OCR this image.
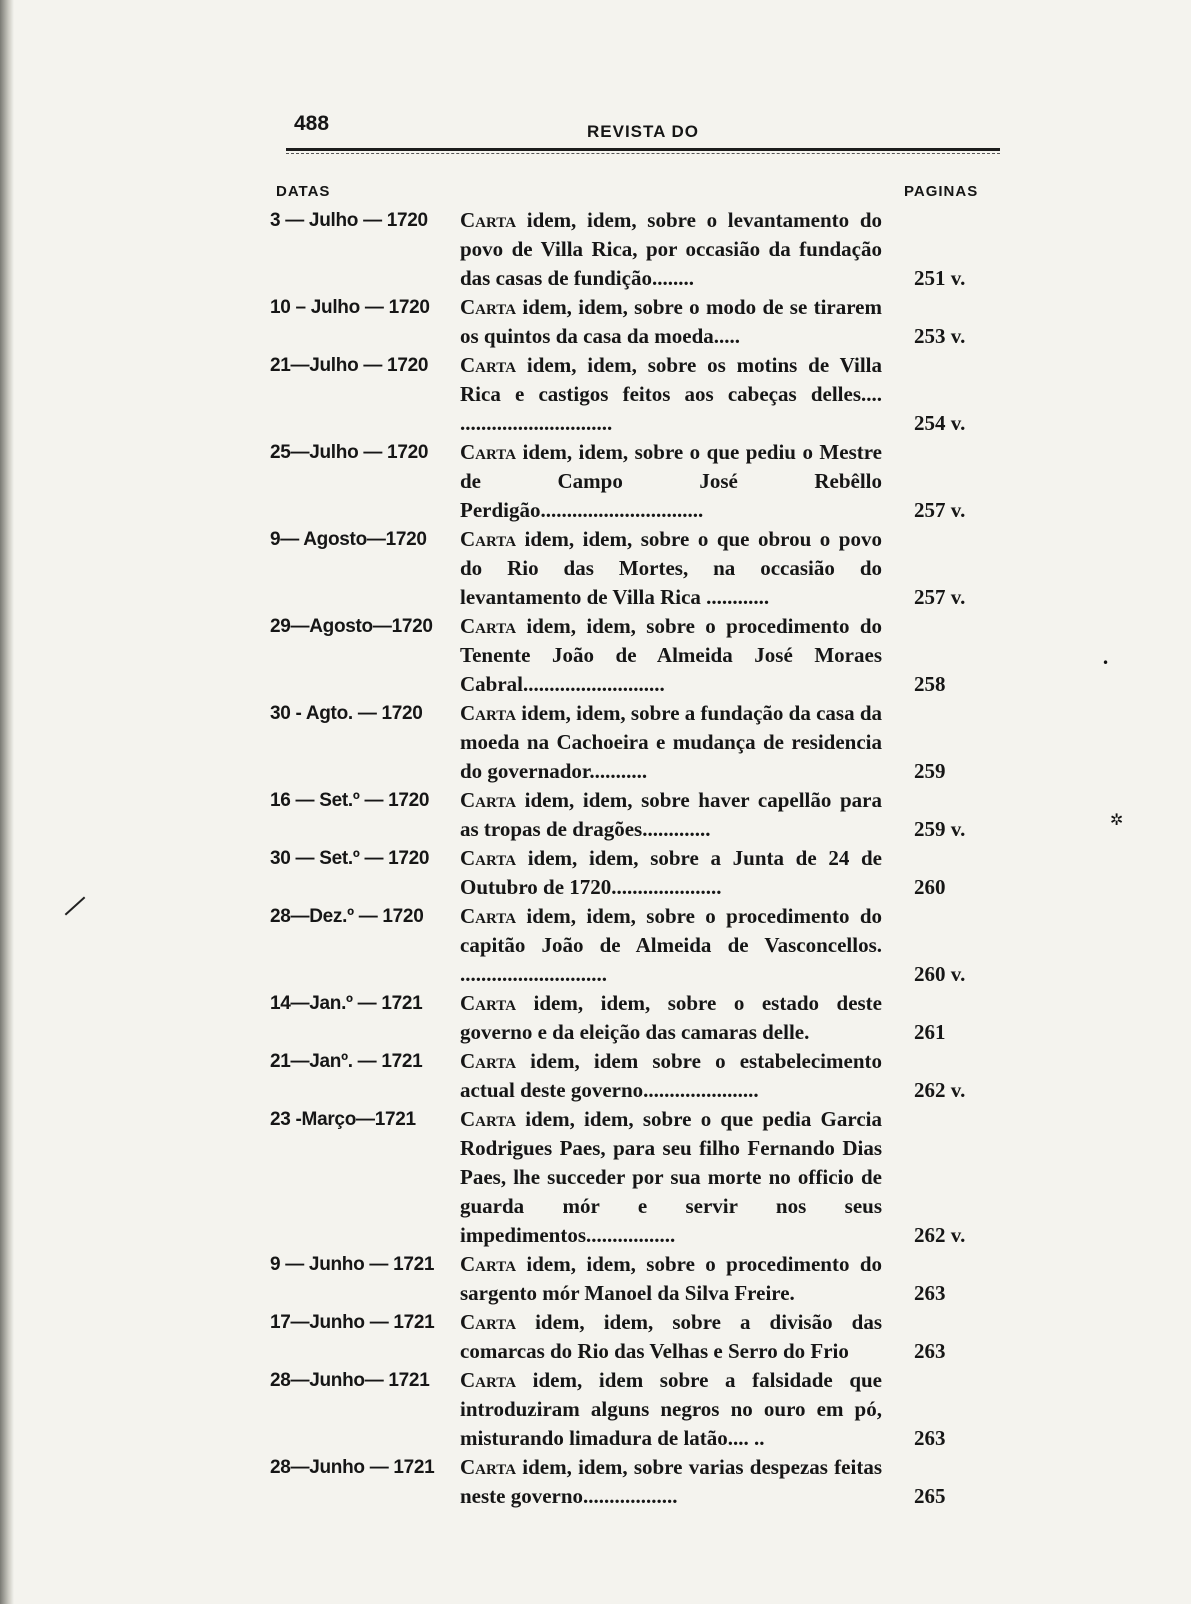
488	REVISTA DO
DATAS	PAGINAS
3 — Julho — 1720	Carta idem, idem, sobre o levantamento do povo de Villa Rica, por occasião da fundação das casas de fundição........	251 v.
10 – Julho — 1720	Carta idem, idem, sobre o modo de se tirarem os quintos da casa da moeda.....	253 v.
21—Julho — 1720	Carta idem, idem, sobre os motins de Villa Rica e castigos feitos aos cabeças delles.... .............................	254 v.
25—Julho — 1720	Carta idem, idem, sobre o que pediu o Mestre de Campo José Rebêllo Perdigão...............................	257 v.
9— Agosto—1720	Carta idem, idem, sobre o que obrou o povo do Rio das Mortes, na occasião do levantamento de Villa Rica ............	257 v.
29—Agosto—1720	Carta idem, idem, sobre o procedimento do Tenente João de Almeida José Moraes Cabral...........................	258
30 - Agto. — 1720	Carta idem, idem, sobre a fundação da casa da moeda na Cachoeira e mudança de residencia do governador...........	259
16 — Set.º — 1720	Carta idem, idem, sobre haver capellão para as tropas de dragões.............	259 v.
30 — Set.º — 1720	Carta idem, idem, sobre a Junta de 24 de Outubro de 1720.....................	260
28—Dez.º — 1720	Carta idem, idem, sobre o procedimento do capitão João de Almeida de Vasconcellos. ............................	260 v.
14—Jan.º — 1721	Carta idem, idem, sobre o estado deste governo e da eleição das camaras delle.	261
21—Janº. — 1721	Carta idem, idem sobre o estabelecimento actual deste governo......................	262 v.
23 -Março—1721	Carta idem, idem, sobre o que pedia Garcia Rodrigues Paes, para seu filho Fernando Dias Paes, lhe succeder por sua morte no officio de guarda mór e servir nos seus impedimentos.................	262 v.
9 — Junho — 1721	Carta idem, idem, sobre o procedimento do sargento mór Manoel da Silva Freire.	263
17—Junho — 1721	Carta idem, idem, sobre a divisão das comarcas do Rio das Velhas e Serro do Frio	263
28—Junho— 1721	Carta idem, idem sobre a falsidade que introduziram alguns negros no ouro em pó, misturando limadura de latão.... ..	263
28—Junho — 1721	Carta idem, idem, sobre varias despezas feitas neste governo..................	265
•
✲
